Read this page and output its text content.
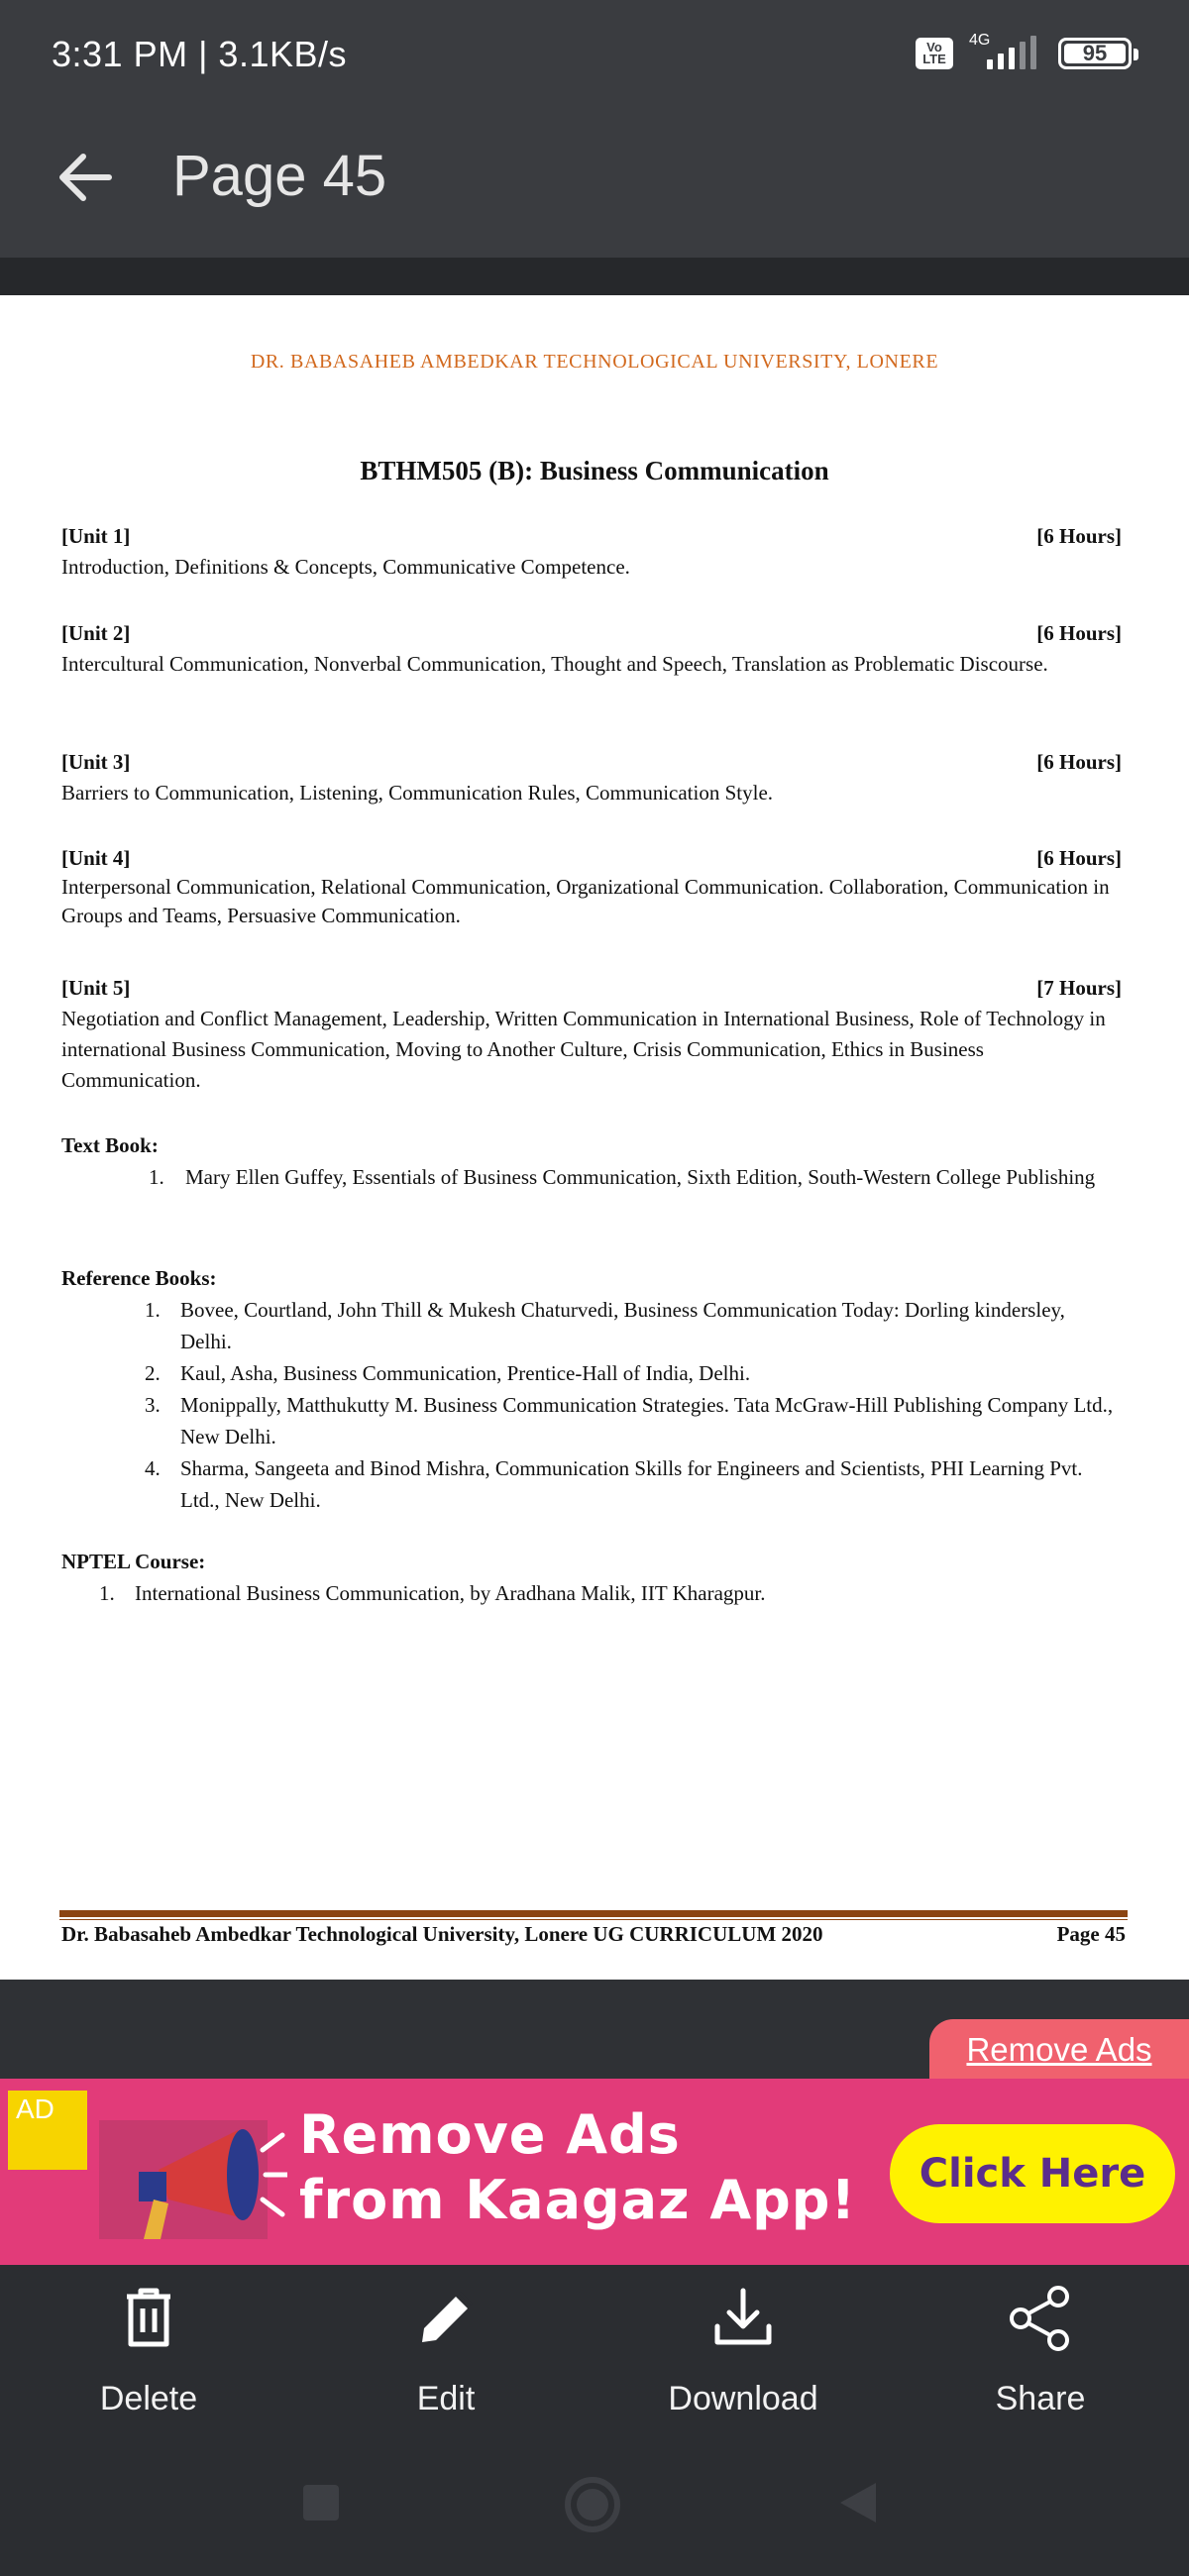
3:31 PM | 3.1KB/s	Vo LTE
4G
95
Page 45
DR. BABASAHEB AMBEDKAR TECHNOLOGICAL UNIVERSITY, LONERE
BTHM505 (B): Business Communication
[Unit 1]	[6 Hours]
Introduction, Definitions & Concepts, Communicative Competence.
[Unit 2]	[6 Hours]
Intercultural Communication, Nonverbal Communication, Thought and Speech, Translation as Problematic Discourse.
[Unit 3]	[6 Hours]
Barriers to Communication, Listening, Communication Rules, Communication Style.
[Unit 4]	[6 Hours]
Interpersonal Communication, Relational Communication, Organizational Communication. Collaboration, Communication in Groups and Teams, Persuasive Communication.
[Unit 5]	[7 Hours]
Negotiation and Conflict Management, Leadership, Written Communication in International Business, Role of Technology in international Business Communication, Moving to Another Culture, Crisis Communication, Ethics in Business Communication.
Text Book:
1. Mary Ellen Guffey, Essentials of Business Communication, Sixth Edition, South-Western College Publishing
Reference Books:
1. Bovee, Courtland, John Thill & Mukesh Chaturvedi, Business Communication Today: Dorling kindersley, Delhi.
2. Kaul, Asha, Business Communication, Prentice-Hall of India, Delhi.
3. Monippally, Matthukutty M. Business Communication Strategies. Tata McGraw-Hill Publishing Company Ltd., New Delhi.
4. Sharma, Sangeeta and Binod Mishra, Communication Skills for Engineers and Scientists, PHI Learning Pvt. Ltd., New Delhi.
NPTEL Course:
1. International Business Communication, by Aradhana Malik, IIT Kharagpur.
Dr. Babasaheb Ambedkar Technological University, Lonere UG CURRICULUM 2020	Page 45
Remove Ads
AD	Remove Ads
from Kaagaz App!	Click Here
Delete	Edit	Download	Share
